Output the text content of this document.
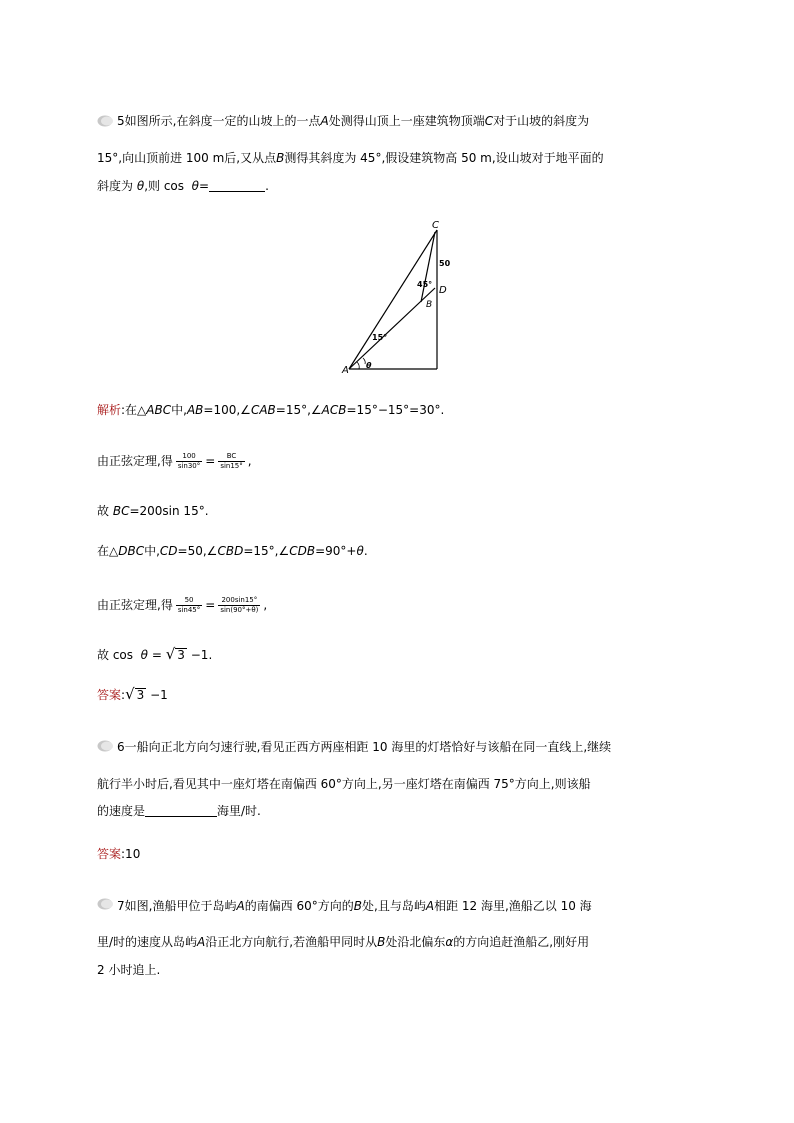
5如图所示,在斜度一定的山坡上的一点A处测得山顶上一座建筑物顶端C对于山坡的斜度为
15°,向山顶前进 100 m后,又从点B测得其斜度为 45°,假设建筑物高 50 m,设山坡对于地平面的
斜度为 θ,则 cos θ=	.
C
50
45°
D
B
15°
A θ
解析:在△ABC中,AB=100,∠CAB=15°,∠ACB=15°−15°=30°.
由正弦定理,得 $\frac{100}{\sin 30^\circ} = \frac{BC}{\sin 15^\circ}$ ,
故 BC=200sin 15°.
在△DBC中,CD=50,∠CBD=15°,∠CDB=90°+θ.
由正弦定理,得 $\frac{50}{\sin 45^\circ} = \frac{200\sin 15^\circ}{\sin(90^\circ+\theta)}$ ,
故 cos θ = √ 3 −1.
答案:√ 3 −1
6一船向正北方向匀速行驶,看见正西方两座相距 10 海里的灯塔恰好与该船在同一直线上,继续
航行半小时后,看见其中一座灯塔在南偏西 60°方向上,另一座灯塔在南偏西 75°方向上,则该船
的速度是	海里/时.
答案:10
7如图,渔船甲位于岛屿A的南偏西 60°方向的B处,且与岛屿A相距 12 海里,渔船乙以 10 海
里/时的速度从岛屿A沿正北方向航行,若渔船甲同时从B处沿北偏东α的方向追赶渔船乙,刚好用
2 小时追上.
